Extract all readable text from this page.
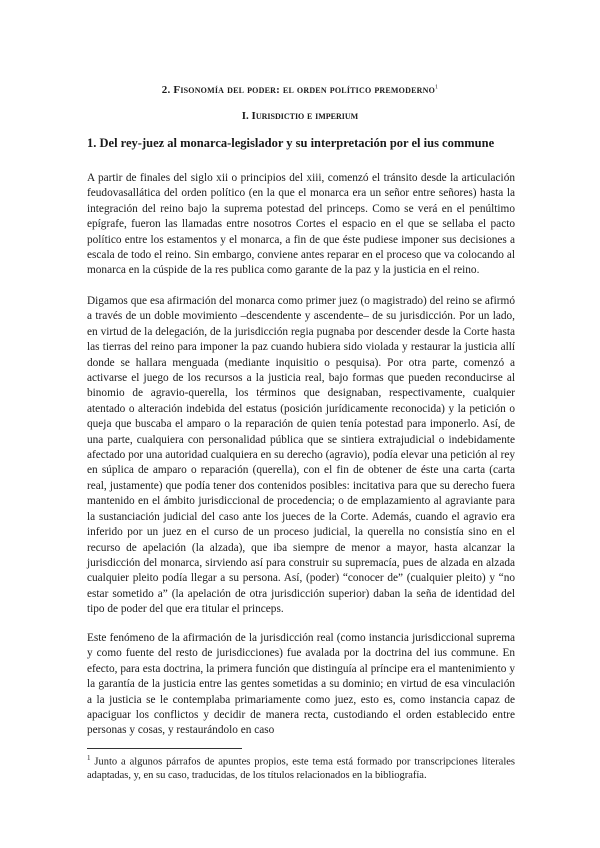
2. Fisonomía del poder: el orden político premoderno$^1$
I. Iurisdictio e imperium
1. Del rey-juez al monarca-legislador y su interpretación por el ius commune

A partir de finales del siglo xii o principios del xiii, comenzó el tránsito desde la articulación feudovasallática del orden político (en la que el monarca era un señor entre señores) hasta la integración del reino bajo la suprema potestad del princeps. Como se verá en el penúltimo epígrafe, fueron las llamadas entre nosotros Cortes el espacio en el que se sellaba el pacto político entre los estamentos y el monarca, a fin de que éste pudiese imponer sus decisiones a escala de todo el reino. Sin embargo, conviene antes reparar en el proceso que va colocando al monarca en la cúspide de la res publica como garante de la paz y la justicia en el reino.

Digamos que esa afirmación del monarca como primer juez (o magistrado) del reino se afirmó a través de un doble movimiento –descendente y ascendente– de su jurisdicción. Por un lado, en virtud de la delegación, de la jurisdicción regia pugnaba por descender desde la Corte hasta las tierras del reino para imponer la paz cuando hubiera sido violada y restaurar la justicia allí donde se hallara menguada (mediante inquisitio o pesquisa). Por otra parte, comenzó a activarse el juego de los recursos a la justicia real, bajo formas que pueden reconducirse al binomio de agravio-querella, los términos que designaban, respectivamente, cualquier atentado o alteración indebida del estatus (posición jurídicamente reconocida) y la petición o queja que buscaba el amparo o la reparación de quien tenía potestad para imponerlo. Así, de una parte, cualquiera con personalidad pública que se sintiera extrajudicial o indebidamente afectado por una autoridad cualquiera en su derecho (agravio), podía elevar una petición al rey en súplica de amparo o reparación (querella), con el fin de obtener de éste una carta (carta real, justamente) que podía tener dos contenidos posibles: incitativa para que su derecho fuera mantenido en el ámbito jurisdiccional de procedencia; o de emplazamiento al agraviante para la sustanciación judicial del caso ante los jueces de la Corte. Además, cuando el agravio era inferido por un juez en el curso de un proceso judicial, la querella no consistía sino en el recurso de apelación (la alzada), que iba siempre de menor a mayor, hasta alcanzar la jurisdicción del monarca, sirviendo así para construir su supremacía, pues de alzada en alzada cualquier pleito podía llegar a su persona. Así, (poder) “conocer de” (cualquier pleito) y “no estar sometido a” (la apelación de otra jurisdicción superior) daban la seña de identidad del tipo de poder del que era titular el princeps.

Este fenómeno de la afirmación de la jurisdicción real (como instancia jurisdiccional suprema y como fuente del resto de jurisdicciones) fue avalada por la doctrina del ius commune. En efecto, para esta doctrina, la primera función que distinguía al príncipe era el mantenimiento y la garantía de la justicia entre las gentes sometidas a su dominio; en virtud de esa vinculación a la justicia se le contemplaba primariamente como juez, esto es, como instancia capaz de apaciguar los conflictos y decidir de manera recta, custodiando el orden establecido entre personas y cosas, y restaurándolo en caso

$^1$ Junto a algunos párrafos de apuntes propios, este tema está formado por transcripciones literales adaptadas, y, en su caso, traducidas, de los títulos relacionados en la bibliografía.
